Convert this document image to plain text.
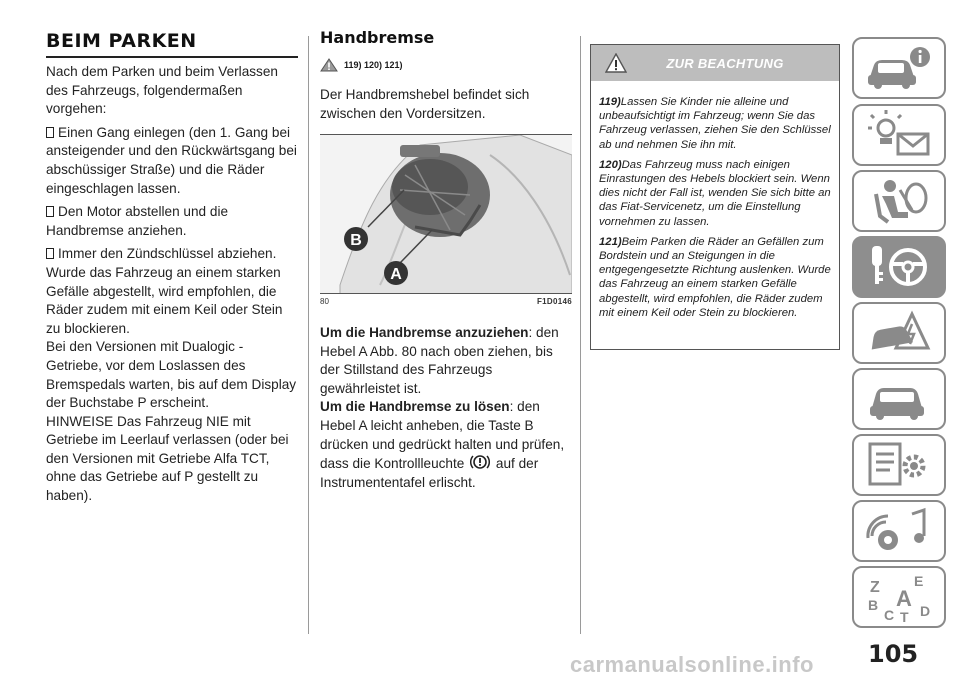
BEIM PARKEN
Nach dem Parken und beim Verlassen des Fahrzeugs, folgendermaßen vorgehen:
Einen Gang einlegen (den 1. Gang bei ansteigender und den Rückwärtsgang bei abschüssiger Straße) und die Räder eingeschlagen lassen.
Den Motor abstellen und die Handbremse anziehen.
Immer den Zündschlüssel abziehen.
Wurde das Fahrzeug an einem starken Gefälle abgestellt, wird empfohlen, die Räder zudem mit einem Keil oder Stein zu blockieren.
Bei den Versionen mit Dualogic -Getriebe, vor dem Loslassen des Bremspedals warten, bis auf dem Display der Buchstabe P erscheint.
HINWEISE Das Fahrzeug NIE mit Getriebe im Leerlauf verlassen (oder bei den Versionen mit Getriebe Alfa TCT, ohne das Getriebe auf P gestellt zu haben).
Handbremse
119) 120) 121)
Der Handbremshebel befindet sich zwischen den Vordersitzen.
B
A
80	F1D0146
Um die Handbremse anzuziehen: den Hebel A Abb. 80 nach oben ziehen, bis der Stillstand des Fahrzeugs gewährleistet ist.
Um die Handbremse zu lösen: den Hebel A leicht anheben, die Taste B drücken und gedrückt halten und prüfen, dass die Kontrollleuchte auf der Instrumententafel erlischt.
ZUR BEACHTUNG
119)Lassen Sie Kinder nie alleine und unbeaufsichtigt im Fahrzeug; wenn Sie das Fahrzeug verlassen, ziehen Sie den Schlüssel ab und nehmen Sie ihn mit.
120)Das Fahrzeug muss nach einigen Einrastungen des Hebels blockiert sein. Wenn dies nicht der Fall ist, wenden Sie sich bitte an das Fiat-Servicenetz, um die Einstellung vornehmen zu lassen.
121)Beim Parken die Räder an Gefällen zum Bordstein und an Steigungen in die entgegengesetzte Richtung auslenken. Wurde das Fahrzeug an einem starken Gefälle abgestellt, wird empfohlen, die Räder zudem mit einem Keil oder Stein zu blockieren.
Z E
B A
C T D
105
carmanualsonline.info
